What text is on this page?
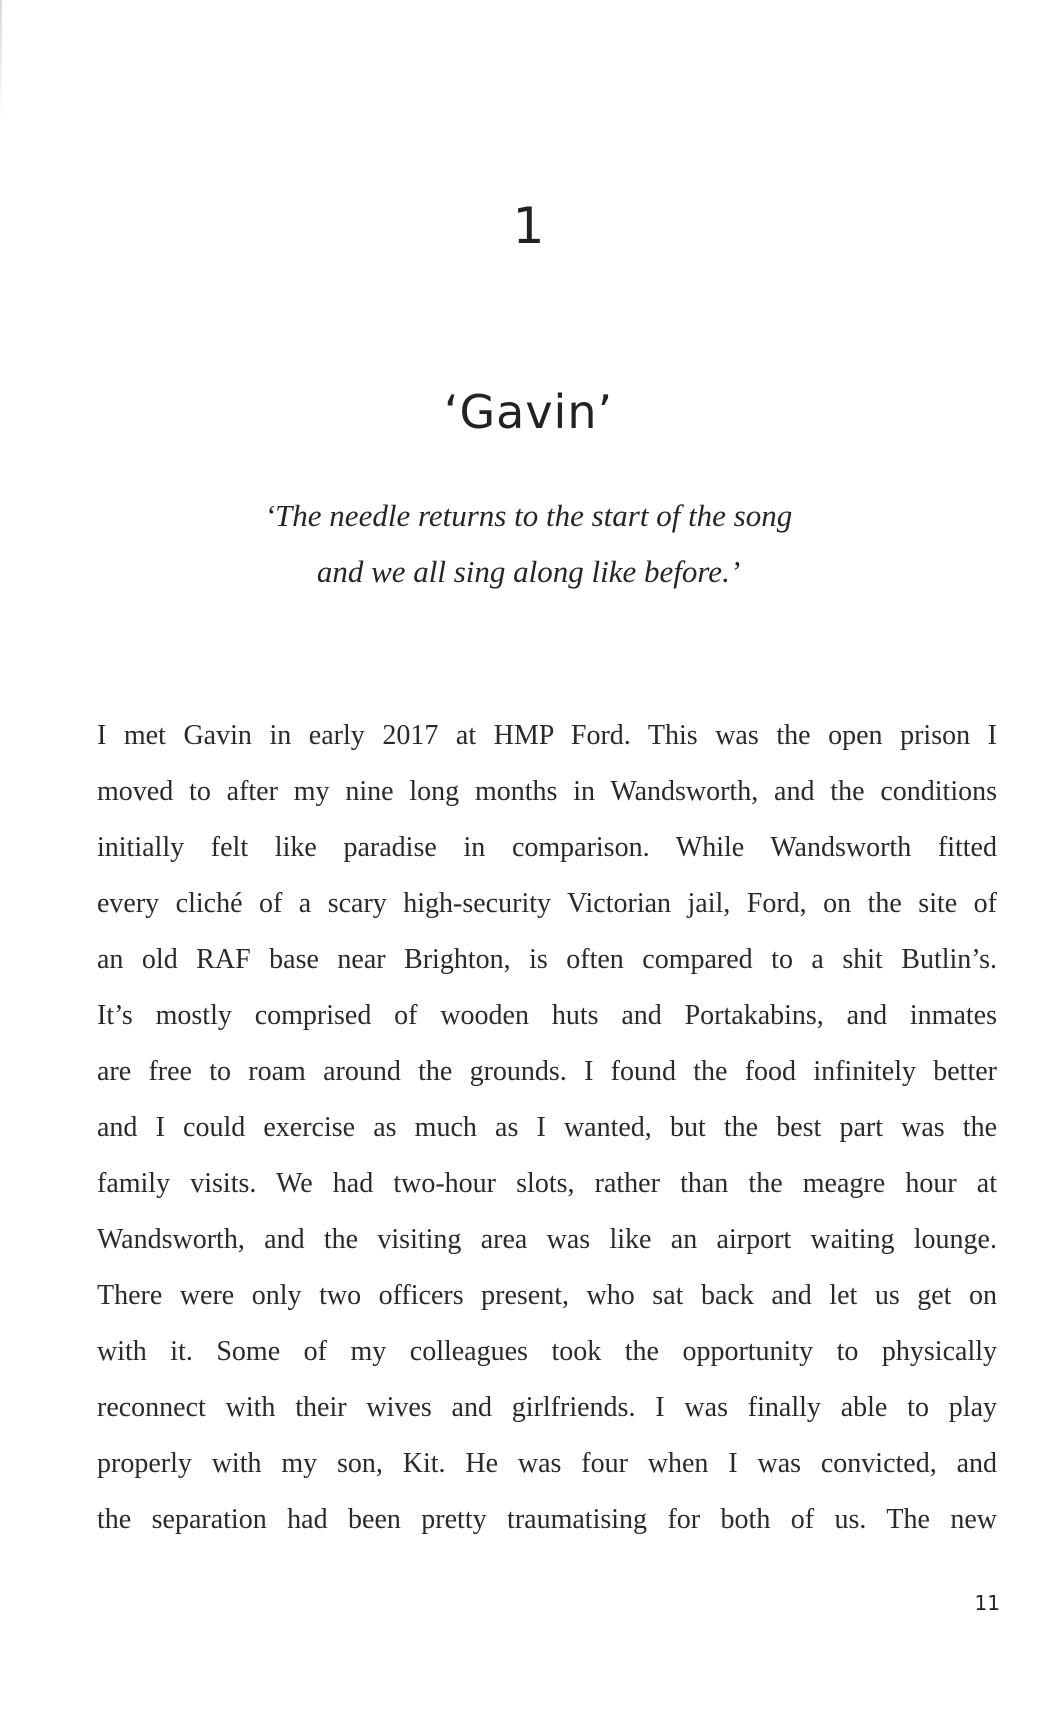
1
‘Gavin’
‘The needle returns to the start of the song
and we all sing along like before.’
I met Gavin in early 2017 at HMP Ford. This was the open prison I
moved to after my nine long months in Wandsworth, and the conditions
initially felt like paradise in comparison. While Wandsworth fitted
every cliché of a scary high-security Victorian jail, Ford, on the site of
an old RAF base near Brighton, is often compared to a shit Butlin’s.
It’s mostly comprised of wooden huts and Portakabins, and inmates
are free to roam around the grounds. I found the food infinitely better
and I could exercise as much as I wanted, but the best part was the
family visits. We had two-hour slots, rather than the meagre hour at
Wandsworth, and the visiting area was like an airport waiting lounge.
There were only two officers present, who sat back and let us get on
with it. Some of my colleagues took the opportunity to physically
reconnect with their wives and girlfriends. I was finally able to play
properly with my son, Kit. He was four when I was convicted, and
the separation had been pretty traumatising for both of us. The new
11
